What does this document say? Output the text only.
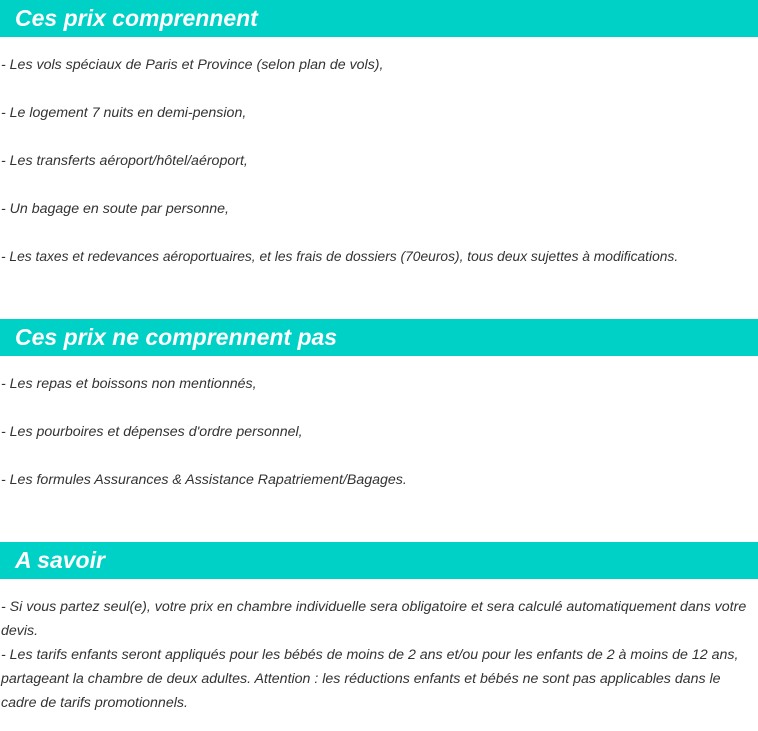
Ces prix comprennent
- Les vols spéciaux de Paris et Province (selon plan de vols),
- Le logement 7 nuits en demi-pension,
- Les transferts aéroport/hôtel/aéroport,
- Un bagage en soute par personne,
- Les taxes et redevances aéroportuaires, et les frais de dossiers (70euros), tous deux sujettes à modifications.
Ces prix ne comprennent pas
- Les repas et boissons non mentionnés,
- Les pourboires et dépenses d'ordre personnel,
- Les formules Assurances & Assistance Rapatriement/Bagages.
A savoir
- Si vous partez seul(e), votre prix en chambre individuelle sera obligatoire et sera calculé automatiquement dans votre devis.
- Les tarifs enfants seront appliqués pour les bébés de moins de 2 ans et/ou pour les enfants de 2 à moins de 12 ans, partageant la chambre de deux adultes. Attention : les réductions enfants et bébés ne sont pas applicables dans le cadre de tarifs promotionnels.
